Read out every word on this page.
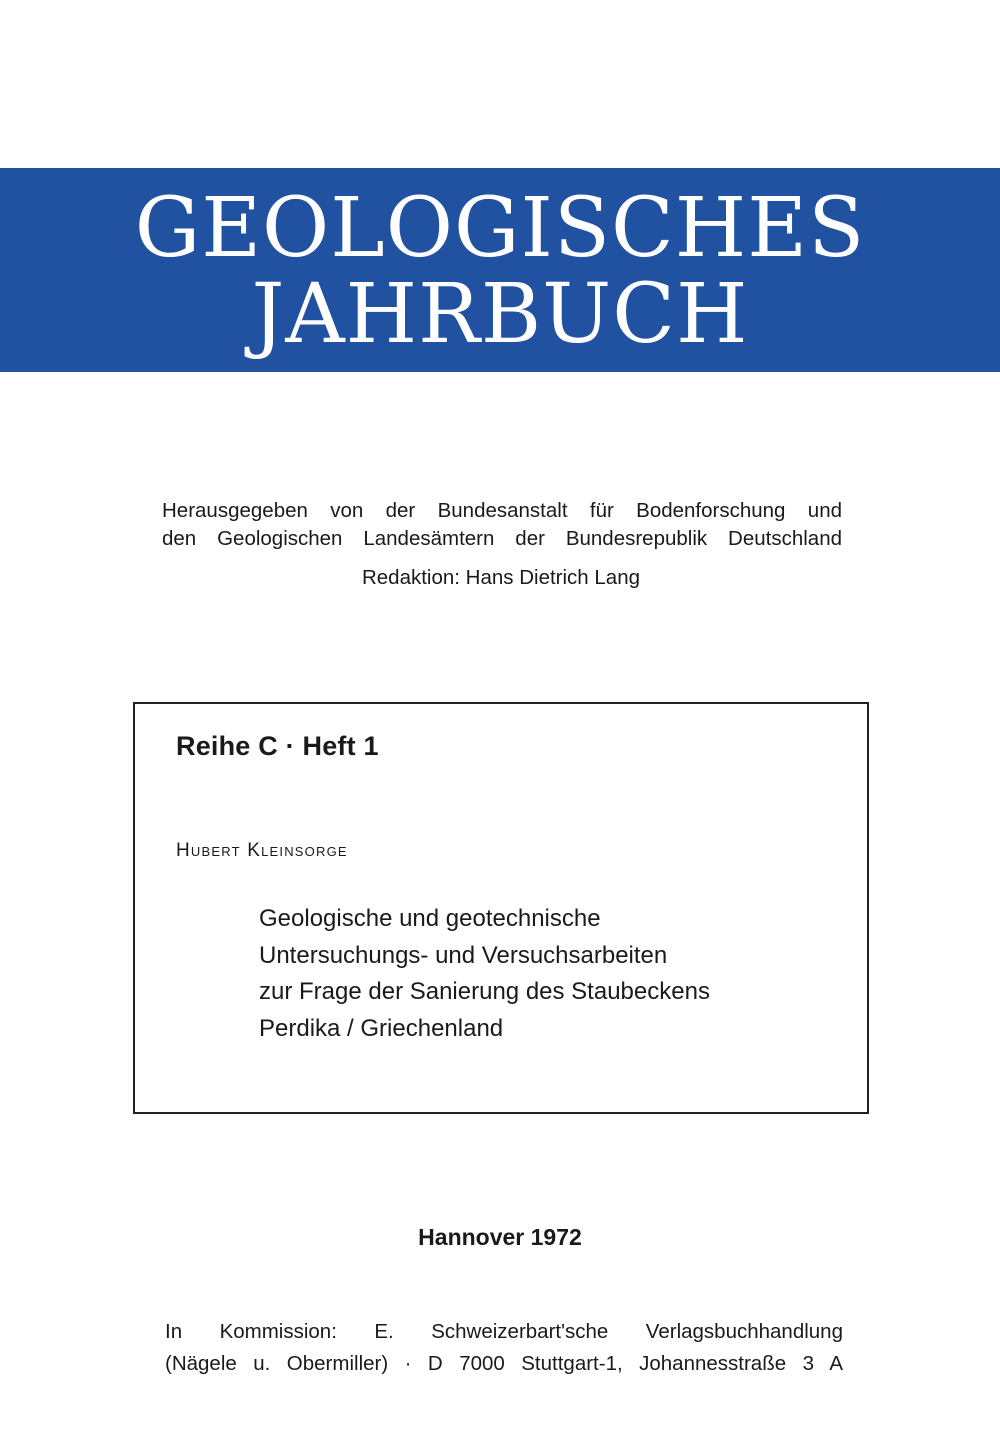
GEOLOGISCHES
JAHRBUCH
Herausgegeben von der Bundesanstalt für Bodenforschung und
den Geologischen Landesämtern der Bundesrepublik Deutschland
Redaktion: Hans Dietrich Lang
Reihe C · Heft 1
Hubert Kleinsorge
Geologische und geotechnische
Untersuchungs- und Versuchsarbeiten
zur Frage der Sanierung des Staubeckens
Perdika / Griechenland
Hannover 1972
In Kommission: E. Schweizerbart'sche Verlagsbuchhandlung
(Nägele u. Obermiller) · D 7000 Stuttgart-1, Johannesstraße 3 A
